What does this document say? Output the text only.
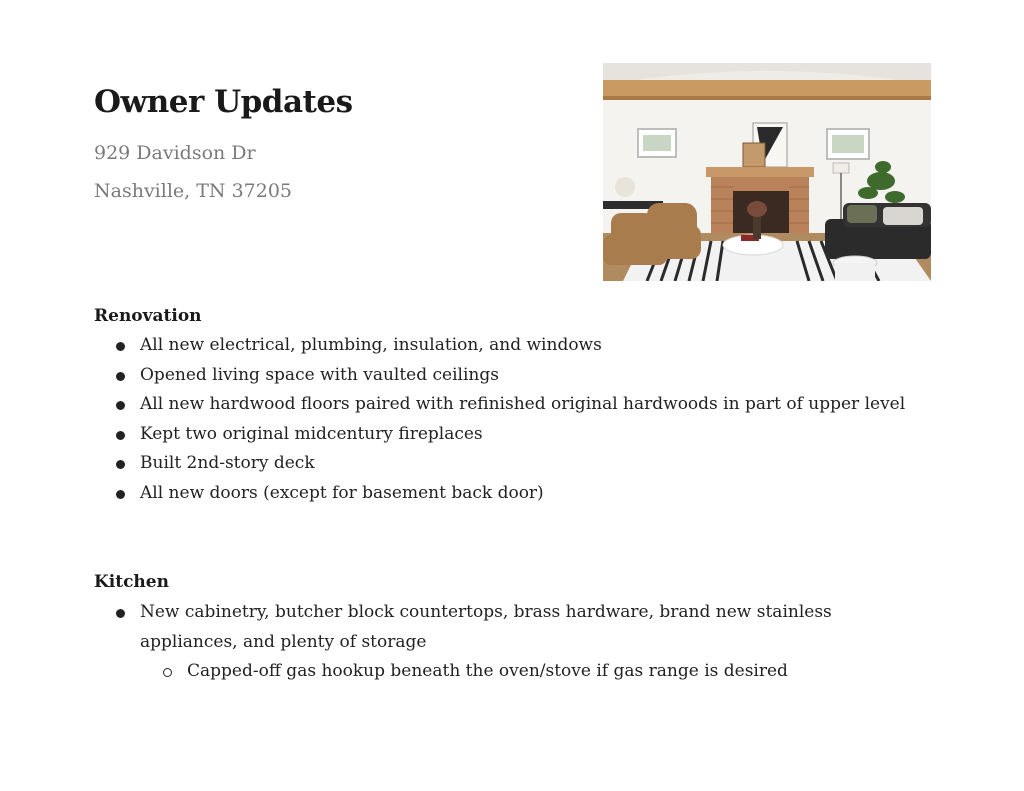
Owner Updates

929 Davidson Dr

Nashville, TN 37205

Renovation
All new electrical, plumbing, insulation, and windows
Opened living space with vaulted ceilings
All new hardwood floors paired with refinished original hardwoods in part of upper level
Kept two original midcentury fireplaces
Built 2nd-story deck
All new doors (except for basement back door)
Kitchen
New cabinetry, butcher block countertops, brass hardware, brand new stainless appliances, and plenty of storage
Capped-off gas hookup beneath the oven/stove if gas range is desired
